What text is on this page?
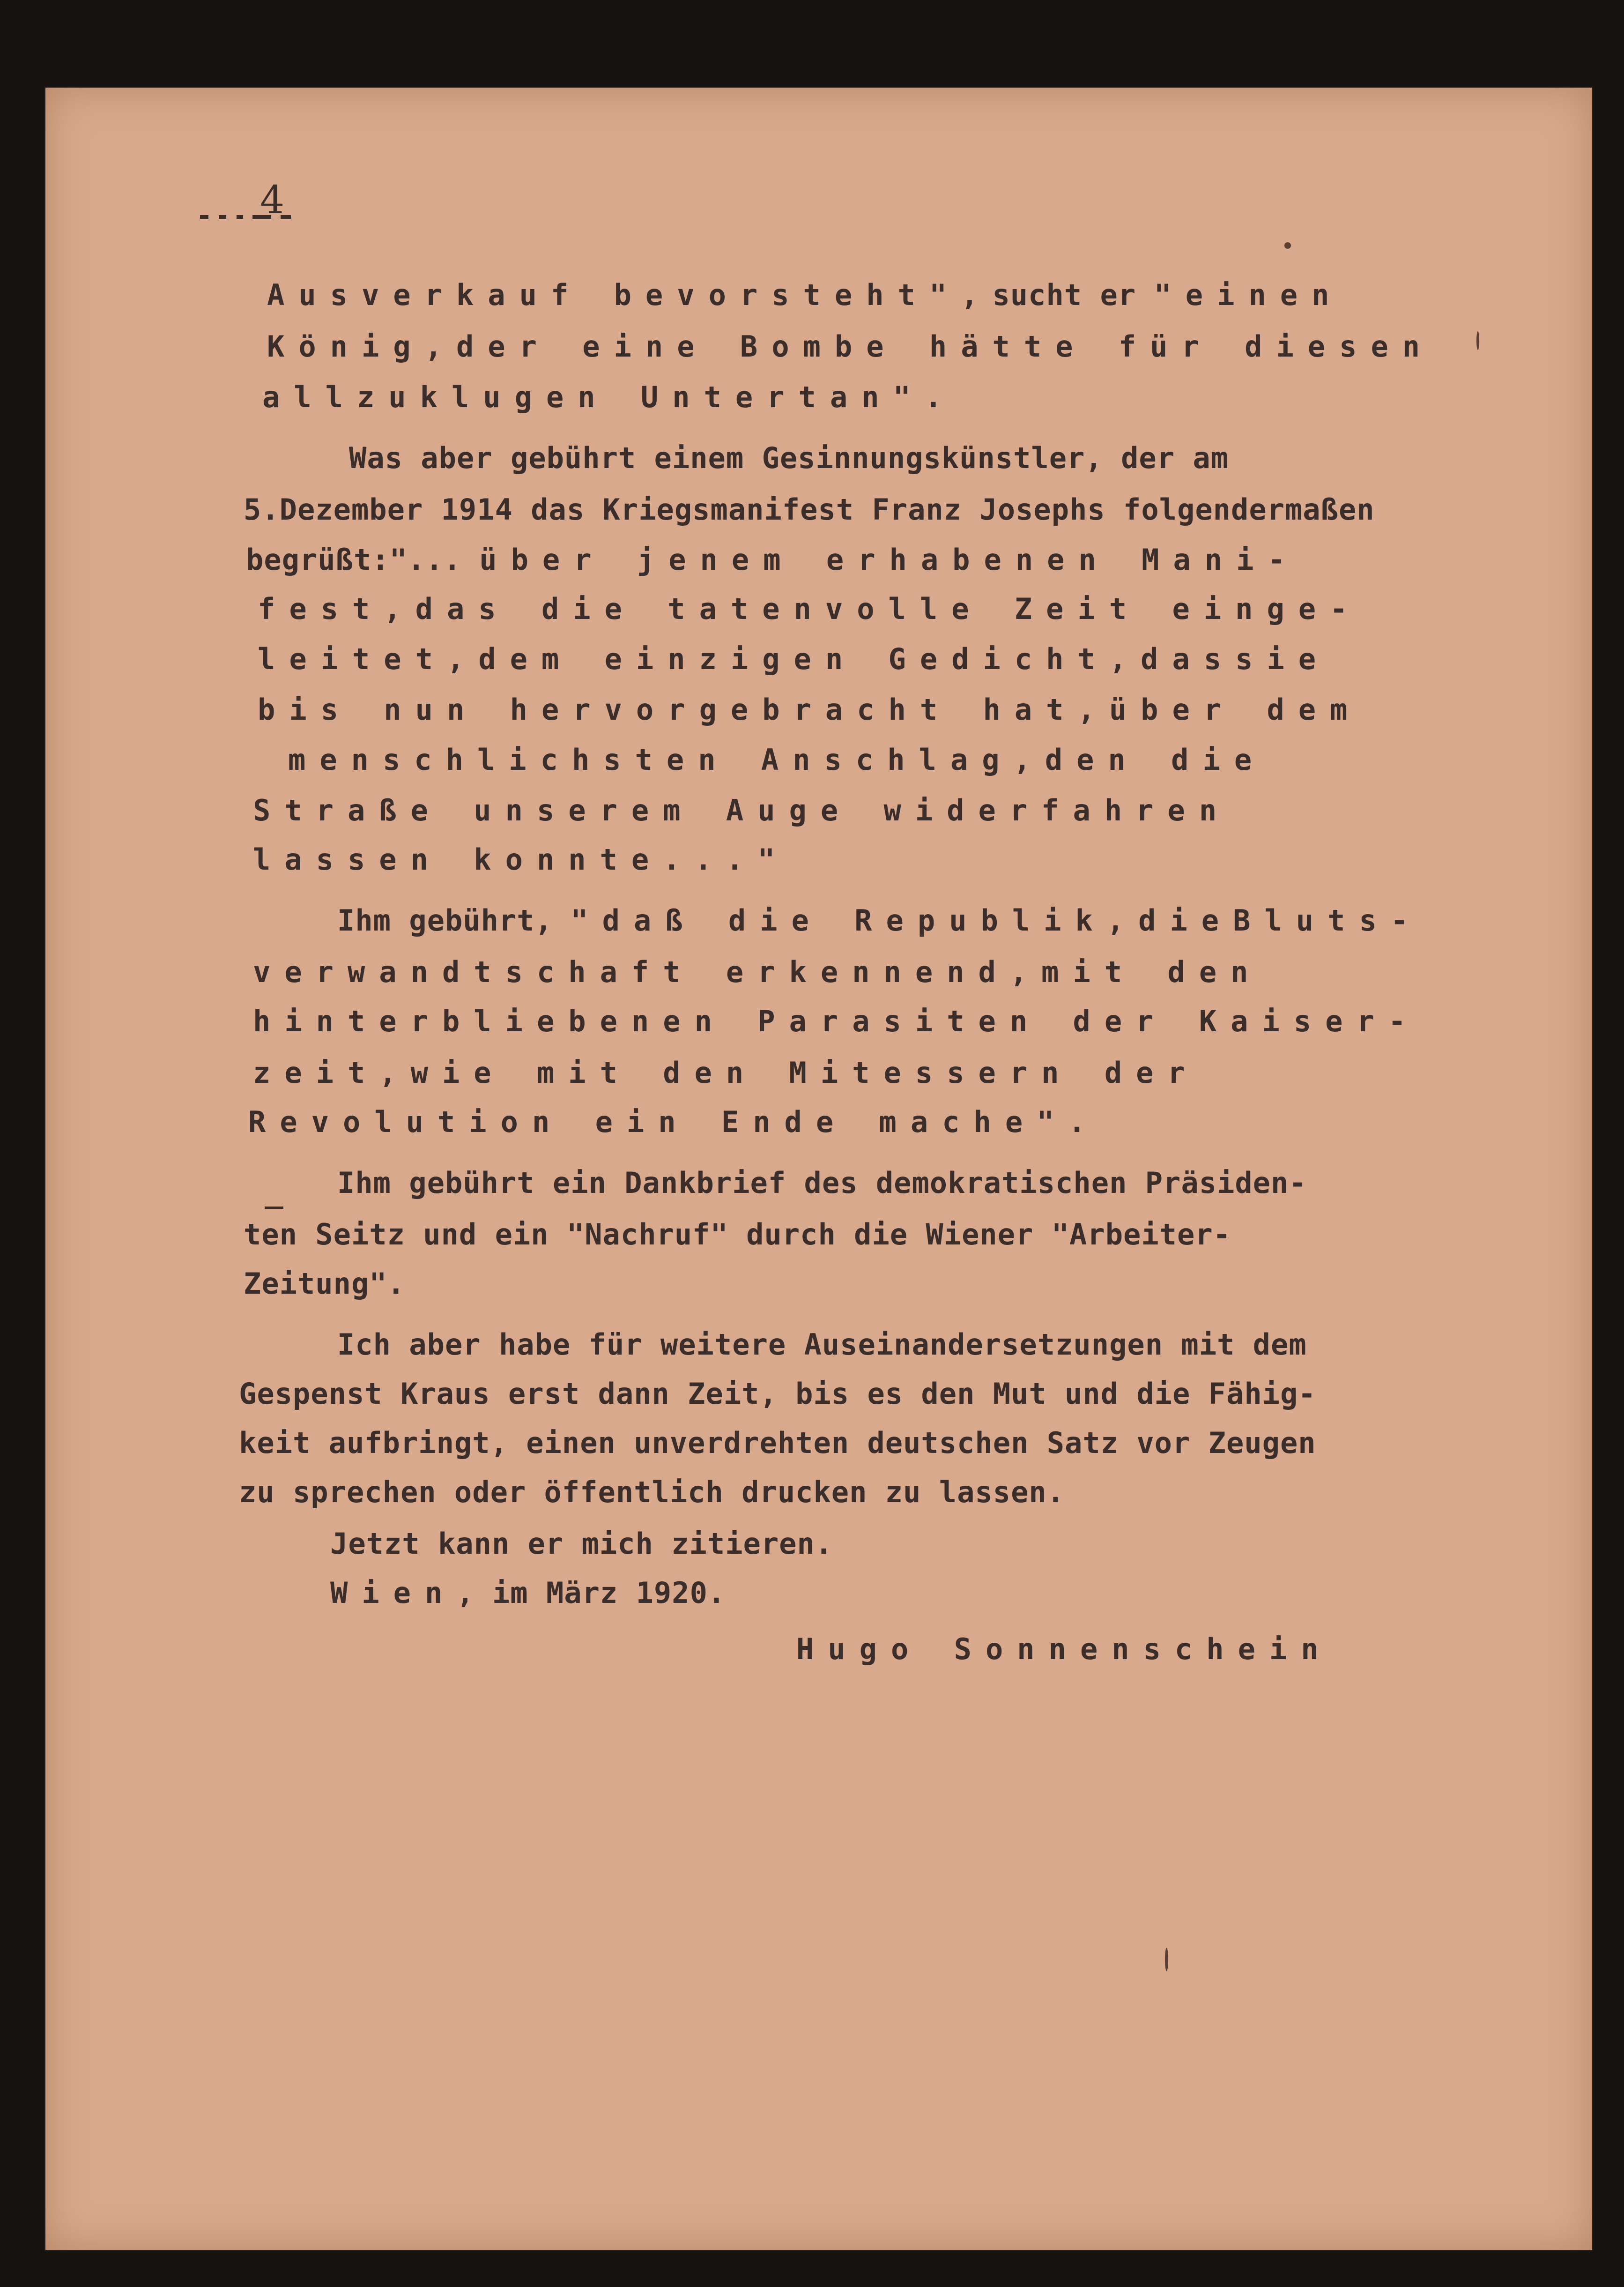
4
Ausverkauf bevorsteht",sucht er "einen
König,der eine Bombe hätte für diesen
allzuklugen Untertan".
Was aber gebührt einem Gesinnungskünstler, der am
5.Dezember 1914 das Kriegsmanifest Franz Josephs folgendermaßen
begrüßt:"... über jenem erhabenen Mani-
fest,das die tatenvolle Zeit einge-
leitet,dem einzigen Gedicht,dassie
bis nun hervorgebracht hat,über dem
menschlichsten Anschlag,den die
Straße unserem Auge widerfahren
lassen konnte..."
Ihm gebührt, "daß die Republik,dieBluts-
verwandtschaft erkennend,mit den
hinterbliebenen Parasiten der Kaiser-
zeit,wie mit den Mitessern der
Revolution ein Ende mache".
Ihm gebührt ein Dankbrief des demokratischen Präsiden-
ten Seitz und ein "Nachruf" durch die Wiener "Arbeiter-
Zeitung".
Ich aber habe für weitere Auseinandersetzungen mit dem
Gespenst Kraus erst dann Zeit, bis es den Mut und die Fähig-
keit aufbringt, einen unverdrehten deutschen Satz vor Zeugen
zu sprechen oder öffentlich drucken zu lassen.
Jetzt kann er mich zitieren.
Wien, im März 1920.
Hugo Sonnenschein
